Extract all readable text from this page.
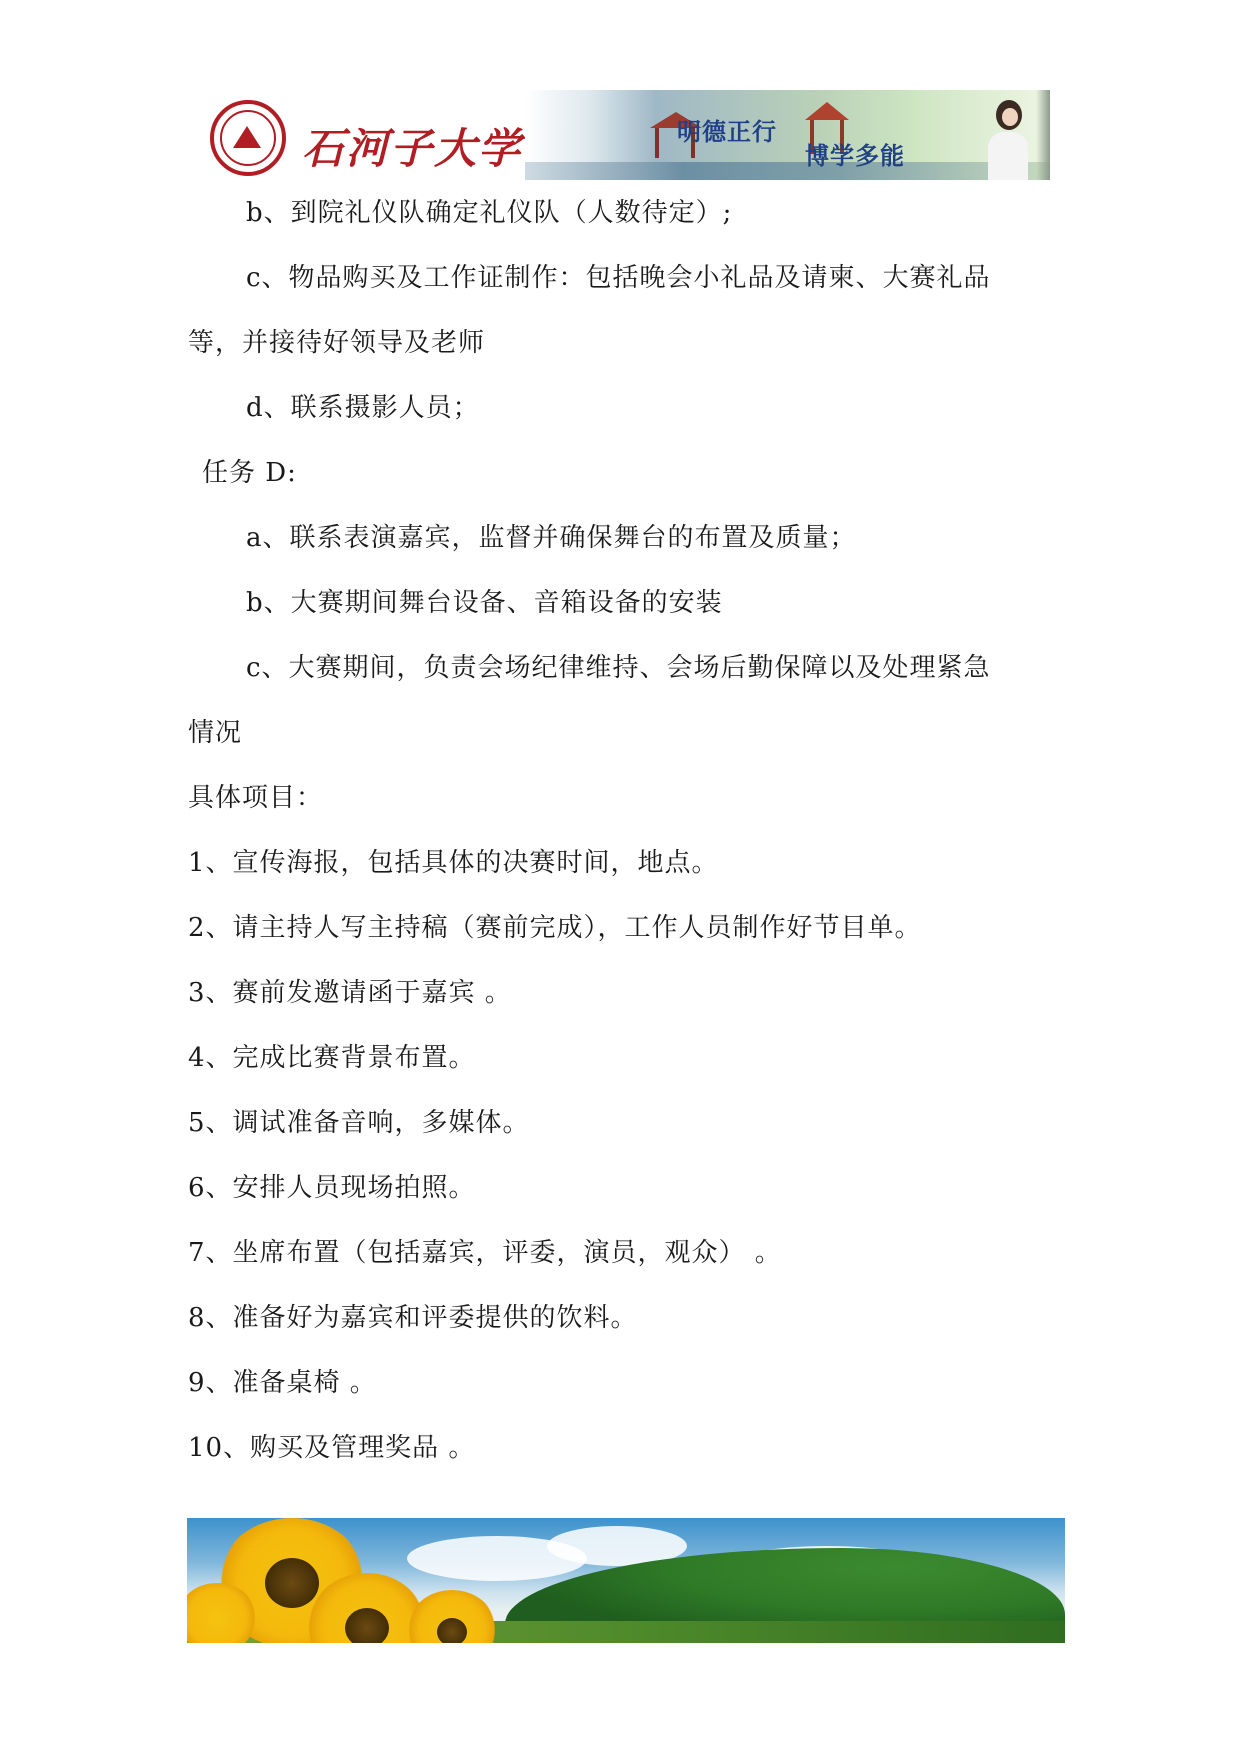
石河子大学	明德正行
博学多能
b、到院礼仪队确定礼仪队（人数待定）;
c、物品购买及工作证制作：包括晚会小礼品及请柬、大赛礼品
等，并接待好领导及老师
d、联系摄影人员；
任务 D:
a、联系表演嘉宾，监督并确保舞台的布置及质量；
b、大赛期间舞台设备、音箱设备的安装
c、大赛期间，负责会场纪律维持、会场后勤保障以及处理紧急
情况
具体项目：
1、宣传海报，包括具体的决赛时间，地点。
2、请主持人写主持稿（赛前完成），工作人员制作好节目单。
3、赛前发邀请函于嘉宾 。
4、完成比赛背景布置。
5、调试准备音响，多媒体。
6、安排人员现场拍照。
7、坐席布置（包括嘉宾，评委，演员，观众） 。
8、准备好为嘉宾和评委提供的饮料。
9、准备桌椅 。
10、购买及管理奖品 。
